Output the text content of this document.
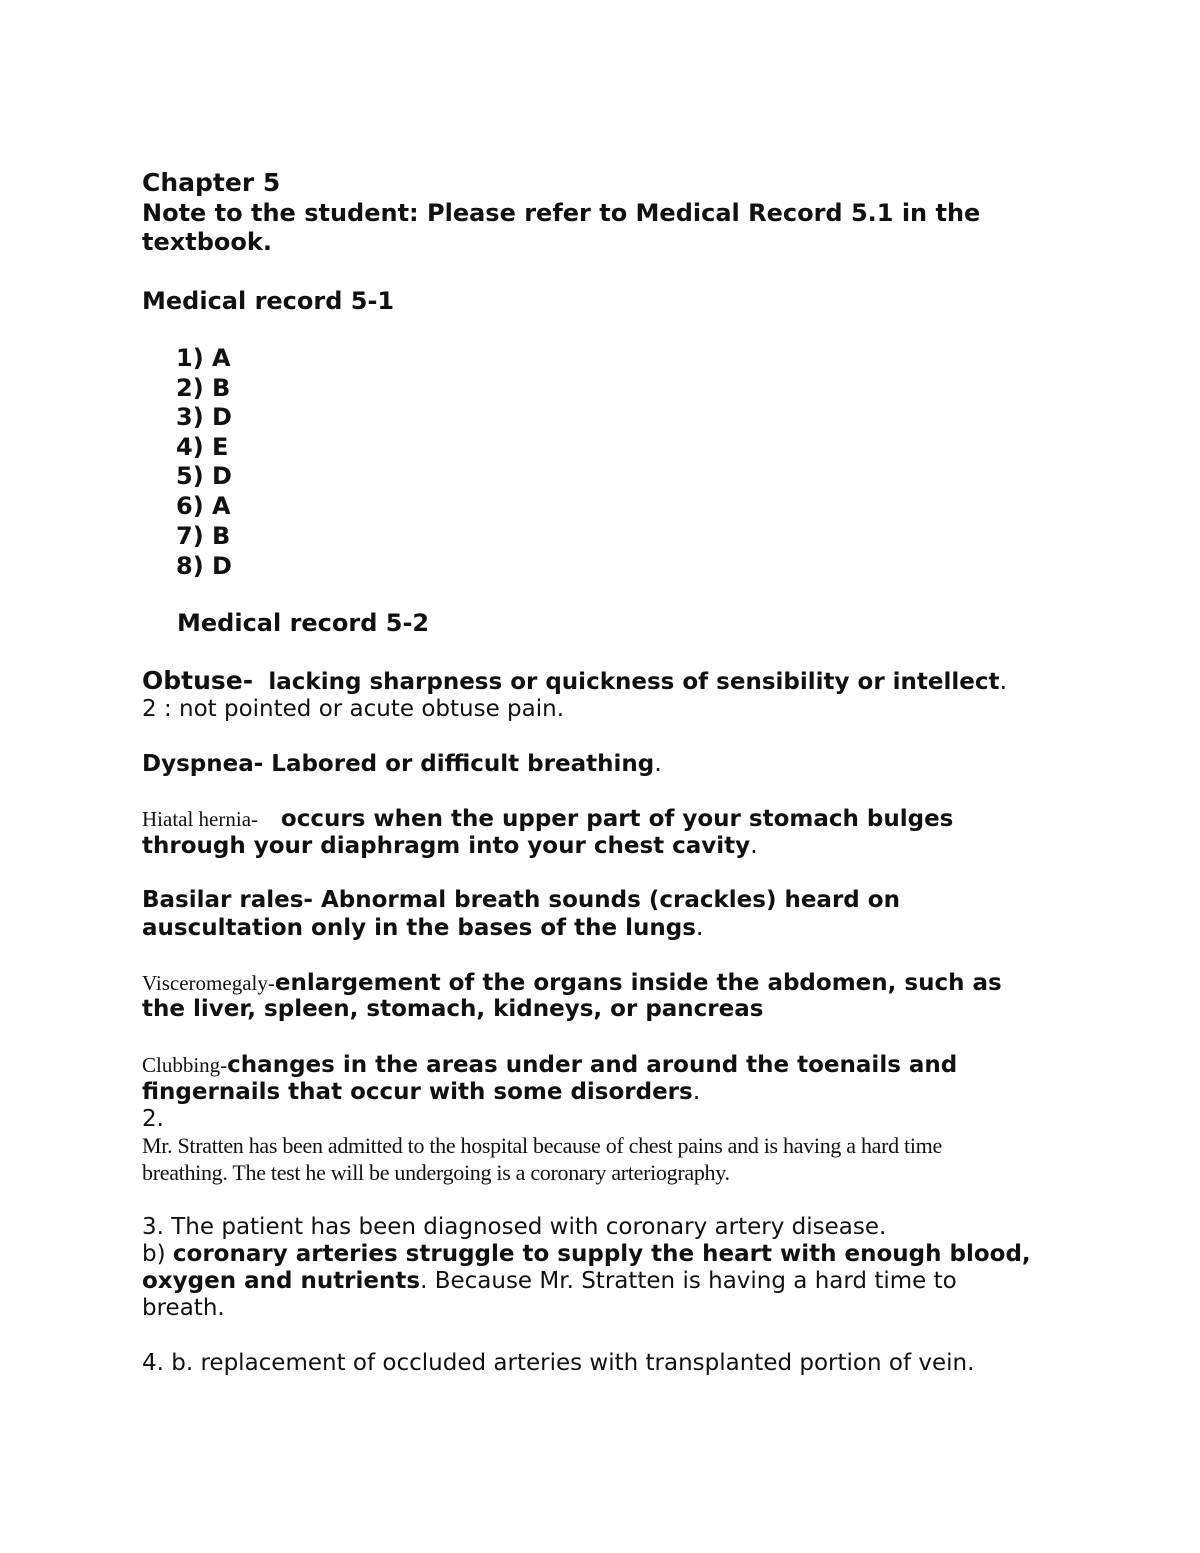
Chapter 5
Note to the student: Please refer to Medical Record 5.1 in the
textbook.
Medical record 5-1
1) A
2) B
3) D
4) E
5) D
6) A
7) B
8) D
Medical record 5-2
Obtuse- lacking sharpness or quickness of sensibility or intellect.
2 : not pointed or acute obtuse pain.
Dyspnea- Labored or difficult breathing.
Hiatal hernia- occurs when the upper part of your stomach bulges
through your diaphragm into your chest cavity.
Basilar rales- Abnormal breath sounds (crackles) heard on
auscultation only in the bases of the lungs.
Visceromegaly-enlargement of the organs inside the abdomen, such as
the liver, spleen, stomach, kidneys, or pancreas
Clubbing-changes in the areas under and around the toenails and
fingernails that occur with some disorders.
2.
Mr. Stratten has been admitted to the hospital because of chest pains and is having a hard time
breathing. The test he will be undergoing is a coronary arteriography.
3. The patient has been diagnosed with coronary artery disease.
b) coronary arteries struggle to supply the heart with enough blood,
oxygen and nutrients. Because Mr. Stratten is having a hard time to
breath.
4. b. replacement of occluded arteries with transplanted portion of vein.
